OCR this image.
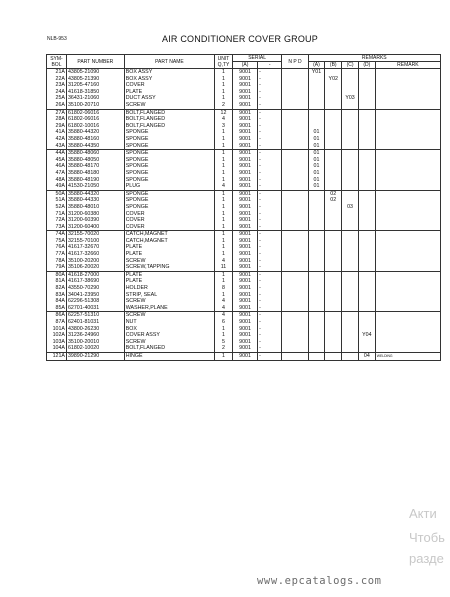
NLB-953	AIR CONDITIONER COVER GROUP
SYM-
BOL	PART NUMBER	PART NAME	UNIT
Q,TY	SERIAL		N P D	REMARKS				
				(A)	-		(A)	(B)	(C)	(D)	REMARK
21A	43805-21090	BOX ASSY	1	9001	-		Y01				
22A	43805-21390	BOX ASSY	1	9001	-			Y02			
23A	31205-47160	COVER	1	9001	-						
24A	41618-31850	PLATE	1	9001	-						
25A	36431-21060	DUCT ASSY	1	9001	-				Y03		
26A	35100-20710	SCREW	2	9001	-						
27A	61802-06016	BOLT,FLANGED	12	9001	-						
28A	61802-06016	BOLT,FLANGED	4	9001	-						
29A	61802-10016	BOLT,FLANGED	3	9001	-						
41A	35880-44320	SPONGE	1	9001	-		01				
42A	35880-48160	SPONGE	1	9001	-		01				
43A	35880-44350	SPONGE	1	9001	-		01				
44A	35880-48060	SPONGE	1	9001	-		01				
45A	35880-48050	SPONGE	1	9001	-		01				
46A	35880-48170	SPONGE	1	9001	-		01				
47A	35880-48180	SPONGE	1	9001	-		01				
48A	35880-48190	SPONGE	1	9001	-		01				
49A	41530-21050	PLUG	4	9001	-		01				
50A	35880-44320	SPONGE	1	9001	-			02			
51A	35880-44330	SPONGE	1	9001	-			02			
52A	35880-48010	SPONGE	1	9001	-				03		
71A	31200-60380	COVER	1	9001	-						
72A	31200-60390	COVER	1	9001	-						
73A	31200-60400	COVER	1	9001	-						
74A	32155-70020	CATCH,MAGNET	1	9001	-						
75A	32155-70100	CATCH,MAGNET	1	9001	-						
76A	41617-32670	PLATE	1	9001	-						
77A	41617-32660	PLATE	1	9001	-						
78A	35100-20200	SCREW	4	9001	-						
79A	35106-20020	SCREW,TAPPING	11	9001	-						
80A	41618-27000	PLATE	1	9001	-						
81A	41617-38690	PLATE	1	9001	-						
82A	43550-70290	HOLDER	8	9001	-						
83A	34041-23950	STRIP, SEAL	1	9001	-						
84A	62296-51308	SCREW	4	9001	-						
85A	62701-40031	WASHER,PLANE	4	9001	-						
86A	62257-51310	SCREW	4	9001	-						
87A	62401-81031	NUT	6	9001	-						
101A	43800-26230	BOX	1	9001	-						
102A	31236-24960	COVER ASSY	1	9001	-					Y04	
103A	35100-20010	SCREW	5	9001	-						
104A	61802-10020	BOLT,FLANGED	2	9001	-						
121A	39890-21290	HINGE	1	9001	-					04	WELDING
Акти
Чтобь
разде
www.epcatalogs.com
